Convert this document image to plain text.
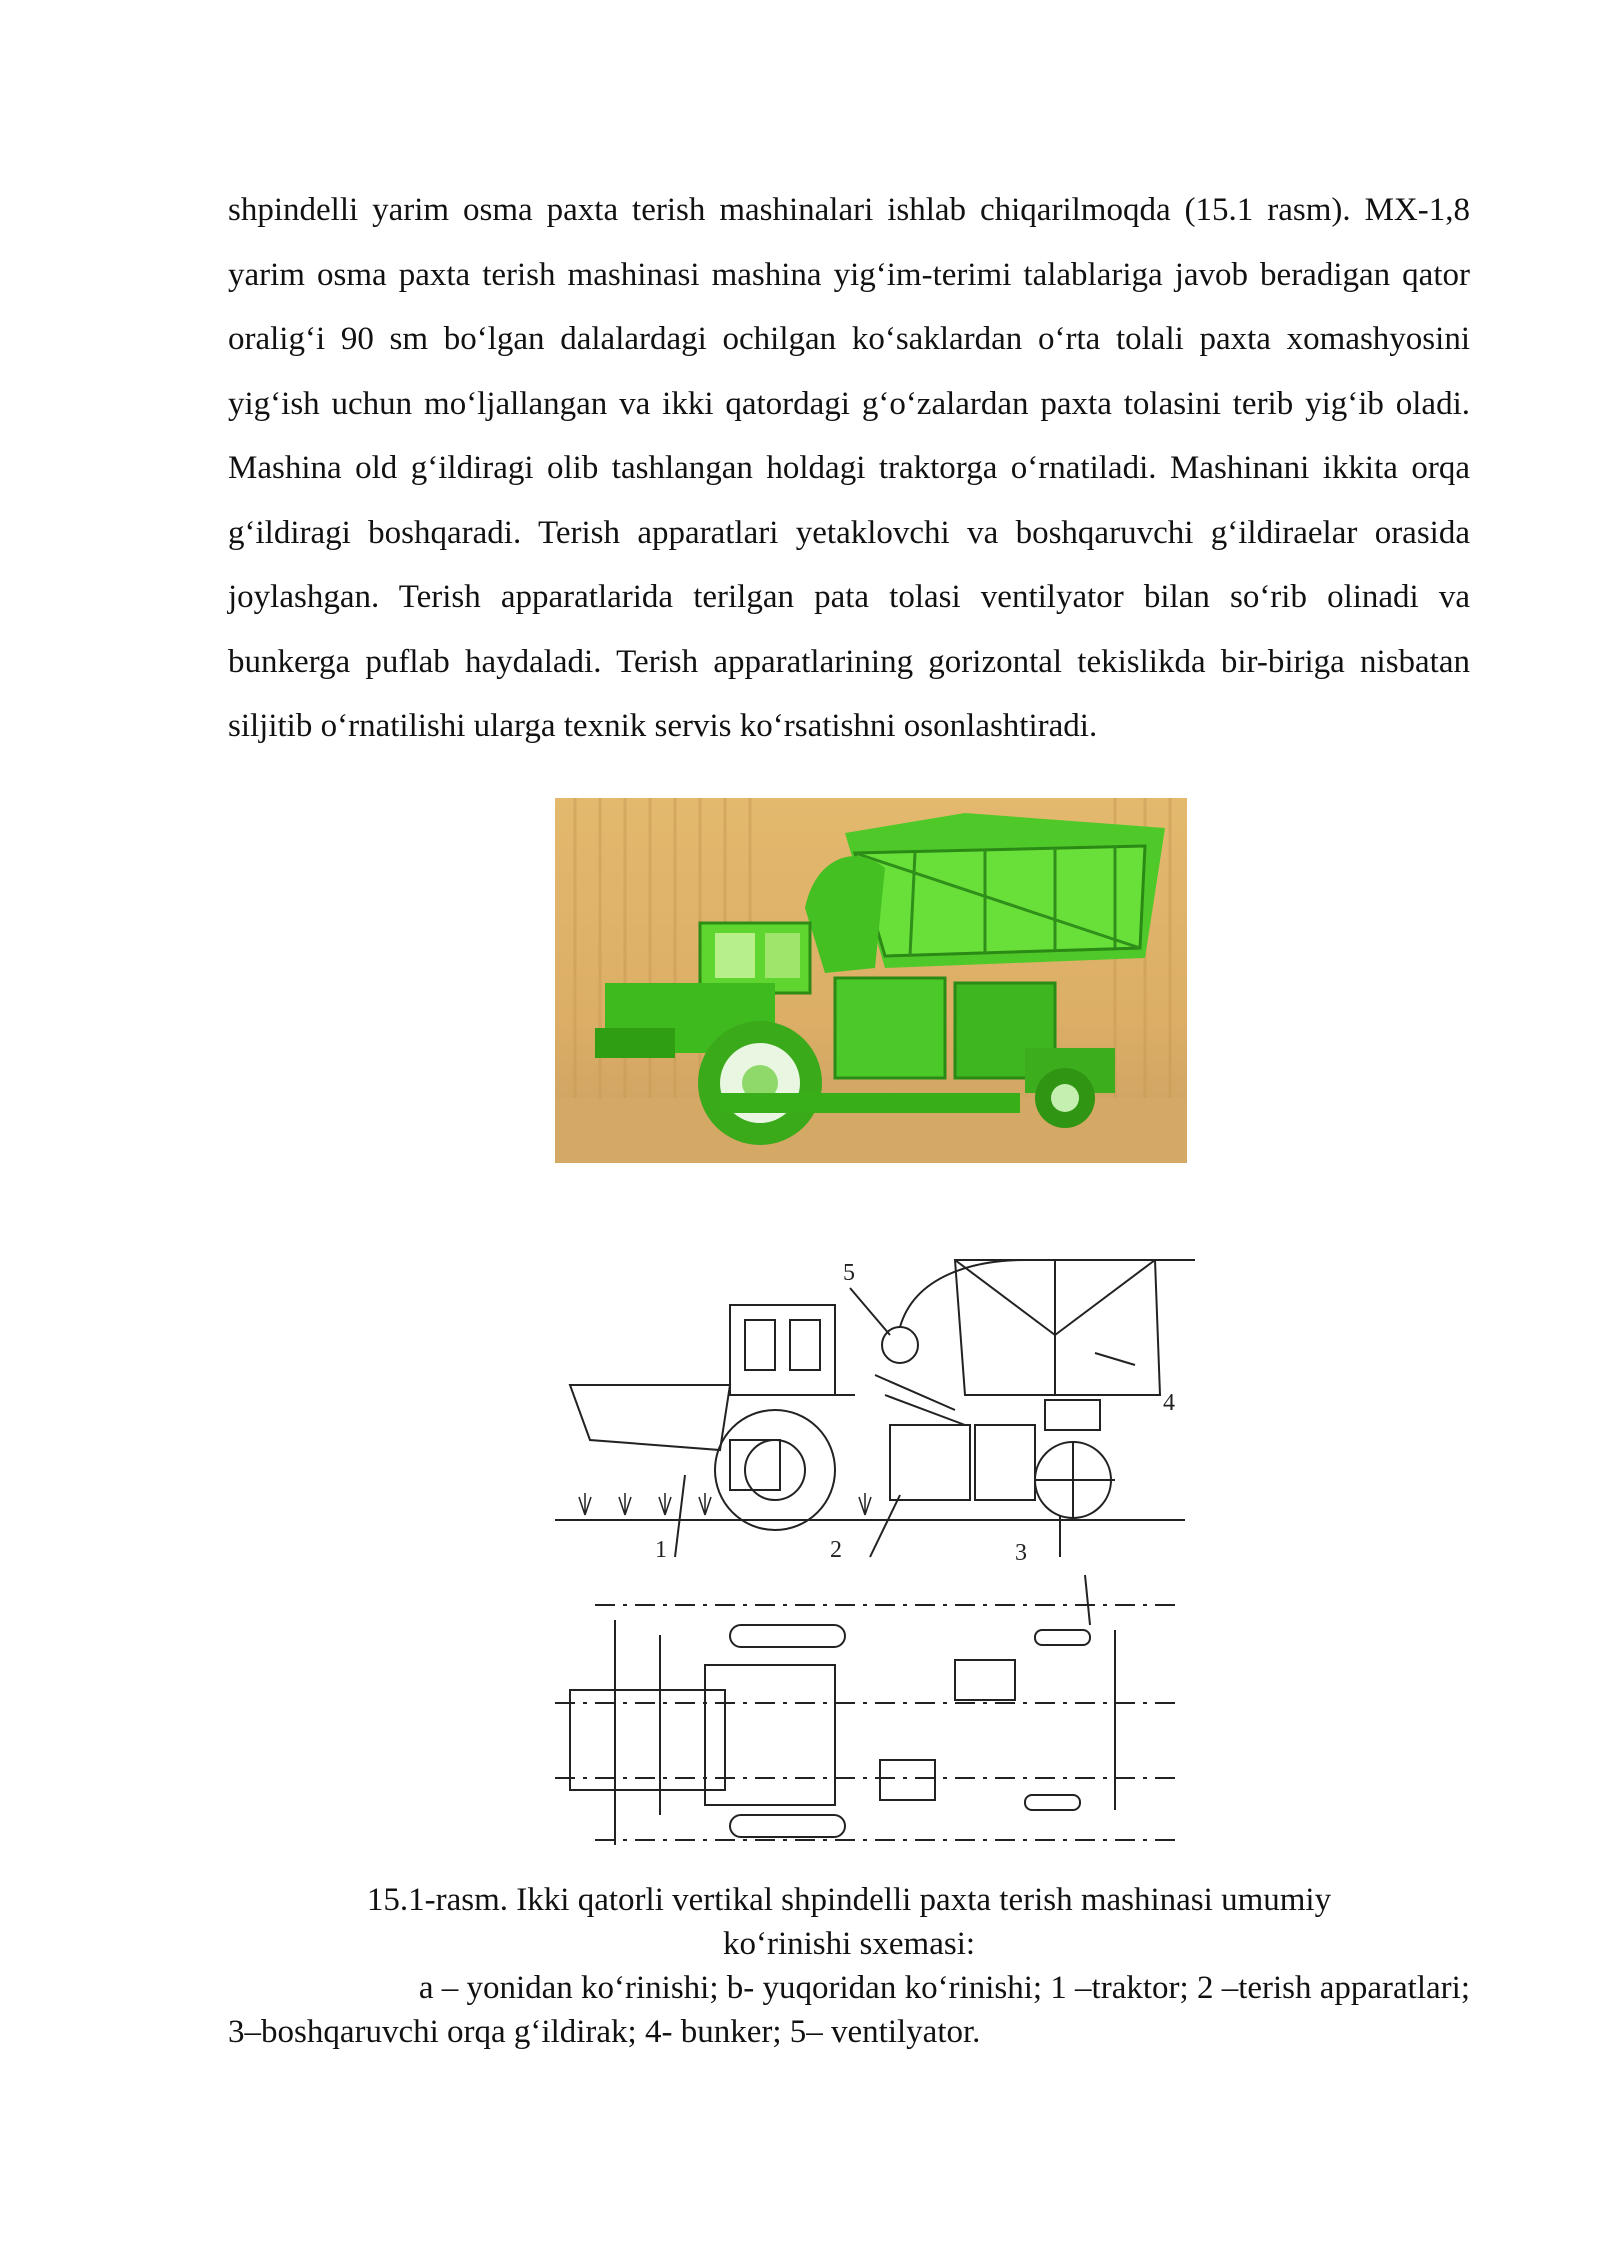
shpindelli yarim osma paxta terish mashinalari ishlab chiqarilmoqda (15.1 rasm). MX-1,8 yarim osma paxta terish mashinasi mashina yig‘im-terimi talablariga javob beradigan qator oralig‘i 90 sm bo‘lgan dalalardagi ochilgan ko‘saklardan o‘rta tolali paxta xomashyosini yig‘ish uchun mo‘ljallangan va ikki qatordagi g‘o‘zalardan paxta tolasini terib yig‘ib oladi. Mashina old g‘ildiragi olib tashlangan holdagi traktorga o‘rnatiladi. Mashinani ikkita orqa g‘ildiragi boshqaradi. Terish apparatlari yetaklovchi va boshqaruvchi g‘ildiraelar orasida joylashgan. Terish apparatlarida terilgan pata tolasi ventilyator bilan so‘rib olinadi va bunkerga puflab haydaladi. Terish apparatlarining gorizontal tekislikda bir-biriga nisbatan siljitib o‘rnatilishi ularga texnik servis ko‘rsatishni osonlashtiradi.

5
4
1	2	3
15.1-rasm. Ikki qatorli vertikal shpindelli paxta terish mashinasi umumiy
ko‘rinishi sxemasi:
a – yonidan ko‘rinishi; b- yuqoridan ko‘rinishi; 1 –traktor; 2 –terish apparatlari;
3–boshqaruvchi orqa g‘ildirak; 4- bunker; 5– ventilyator.
